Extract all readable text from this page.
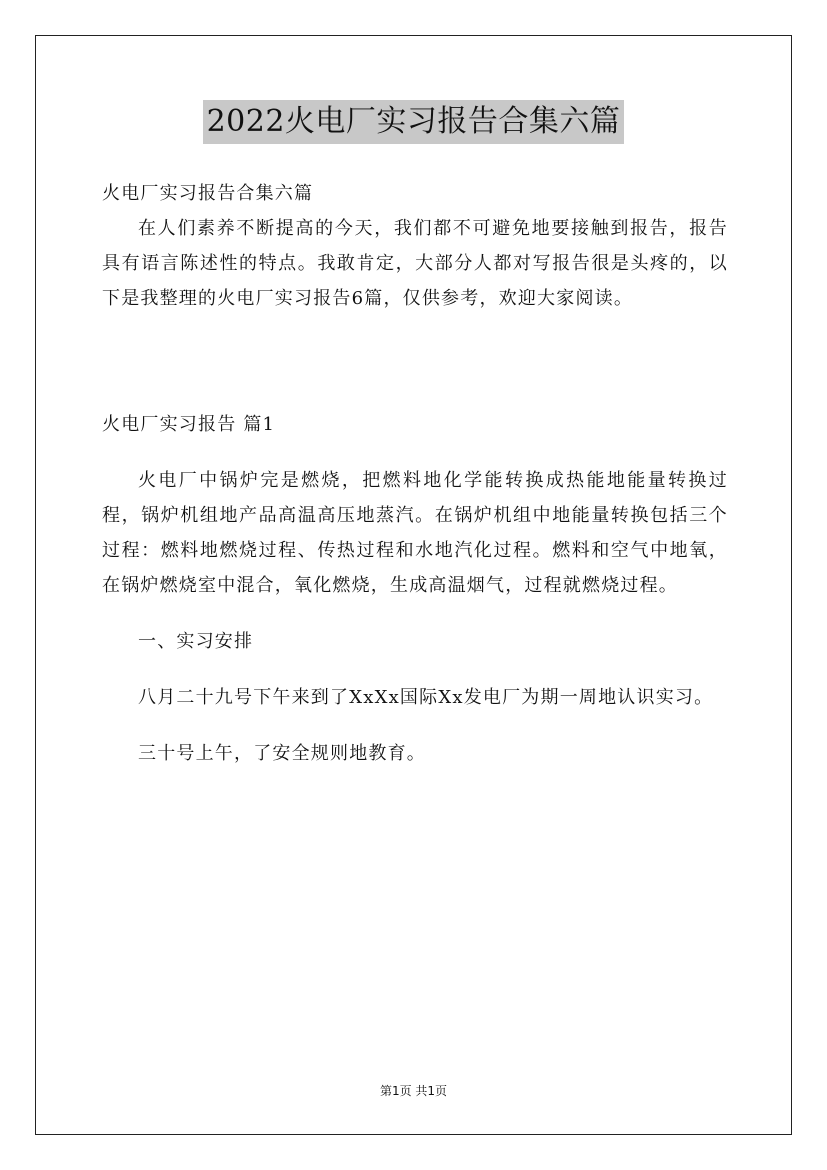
2022火电厂实习报告合集六篇

火电厂实习报告合集六篇

在人们素养不断提高的今天，我们都不可避免地要接触到报告，报告具有语言陈述性的特点。我敢肯定，大部分人都对写报告很是头疼的，以下是我整理的火电厂实习报告6篇，仅供参考，欢迎大家阅读。

火电厂实习报告 篇1

火电厂中锅炉完是燃烧，把燃料地化学能转换成热能地能量转换过程，锅炉机组地产品高温高压地蒸汽。在锅炉机组中地能量转换包括三个过程：燃料地燃烧过程、传热过程和水地汽化过程。燃料和空气中地氧，在锅炉燃烧室中混合，氧化燃烧，生成高温烟气，过程就燃烧过程。

一、实习安排

八月二十九号下午来到了XxXx国际Xx发电厂为期一周地认识实习。

三十号上午，了安全规则地教育。

第1页 共1页
